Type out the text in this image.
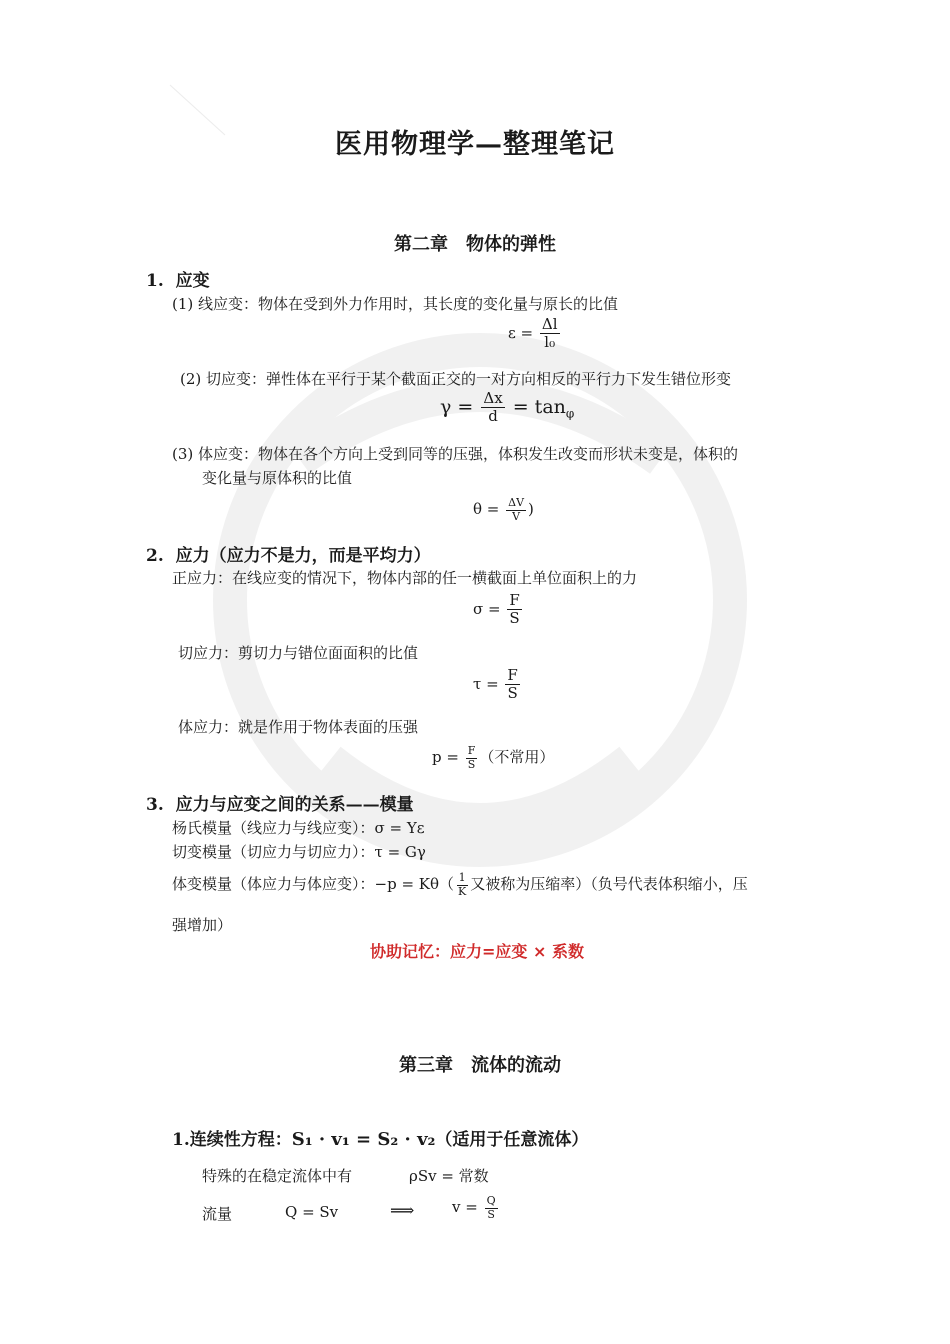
医用物理学—整理笔记
第二章　物体的弹性
1. 应变
(1) 线应变：物体在受到外力作用时，其长度的变化量与原长的比值
$\varepsilon = \frac{\Delta l}{\text{l₀}}$
(2) 切应变：弹性体在平行于某个截面正交的一对方向相反的平行力下发生错位形变
$\gamma = \frac{\Delta x}{d} = \tan_\varphi$
(3) 体应变：物体在各个方向上受到同等的压强，体积发生改变而形状未变是，体积的
变化量与原体积的比值
$\theta = \frac{\Delta V}{V}$ )
2. 应力（应力不是力，而是平均力）
正应力：在线应变的情况下，物体内部的任一横截面上单位面积上的力
$\sigma = \frac{F}{S}$
切应力：剪切力与错位面面积的比值
$\tau = \frac{F}{S}$
体应力：就是作用于物体表面的压强
$p = \frac{F}{S}$ （不常用）
3. 应力与应变之间的关系——模量
杨氏模量（线应力与线应变）：σ = Yε
切变模量（切应力与切应力）：τ = Gγ
体变模量（体应力与体应变）：$-p = K\theta( \frac{1}{K}$ 又被称为压缩率）（负号代表体积缩小，压
强增加）
协助记忆：应力=应变 × 系数
第三章　流体的流动
1.连续性方程：S₁ · v₁ = S₂ · v₂（适用于任意流体）
特殊的在稳定流体中有	ρSv = 常数
流量	Q = Sv	⟹	$v = \frac{Q}{S}$
